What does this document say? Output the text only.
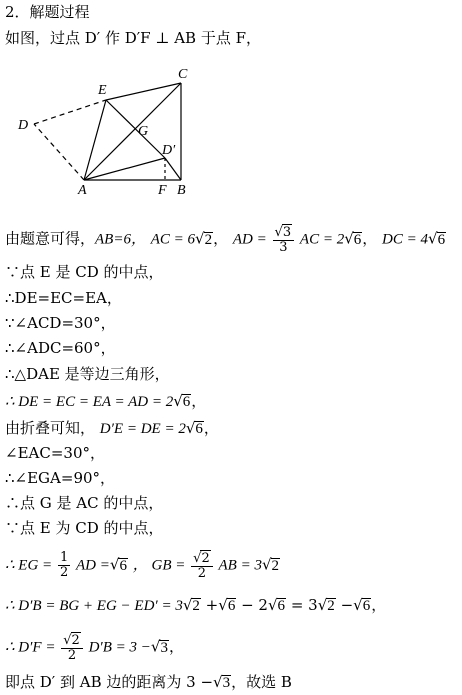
2．解题过程
如图，过点 D′ 作 D′F ⊥ AB 于点 F，
D
E
C
G
D′
A	F B
由题意可得，AB=6， AC = 6√2， AD = $\frac{√3}{3}$ AC = 2√6， DC = 4√6
∵点 E 是 CD 的中点，
∴DE=EC=EA，
∵∠ACD=30°，
∴∠ADC=60°，
∴△DAE 是等边三角形，
∴ DE = EC = EA = AD = 2√6，
由折叠可知， D′E = DE = 2√6，
∠EAC=30°，
∴∠EGA=90°，
∴点 G 是 AC 的中点，
∵点 E 为 CD 的中点，
∴ EG = $\frac{1}{2}$ AD =√6 ， GB = $\frac{√2}{2}$ AB = 3√2
∴ D′B = BG + EG − ED′ = 3√2 +√6 − 2√6 = 3√2 −√6，
∴ $D'F = \frac{√2}{2} D'B = 3 -√3$，
即点 D′ 到 AB 边的距离为 3 −√3，故选 B
